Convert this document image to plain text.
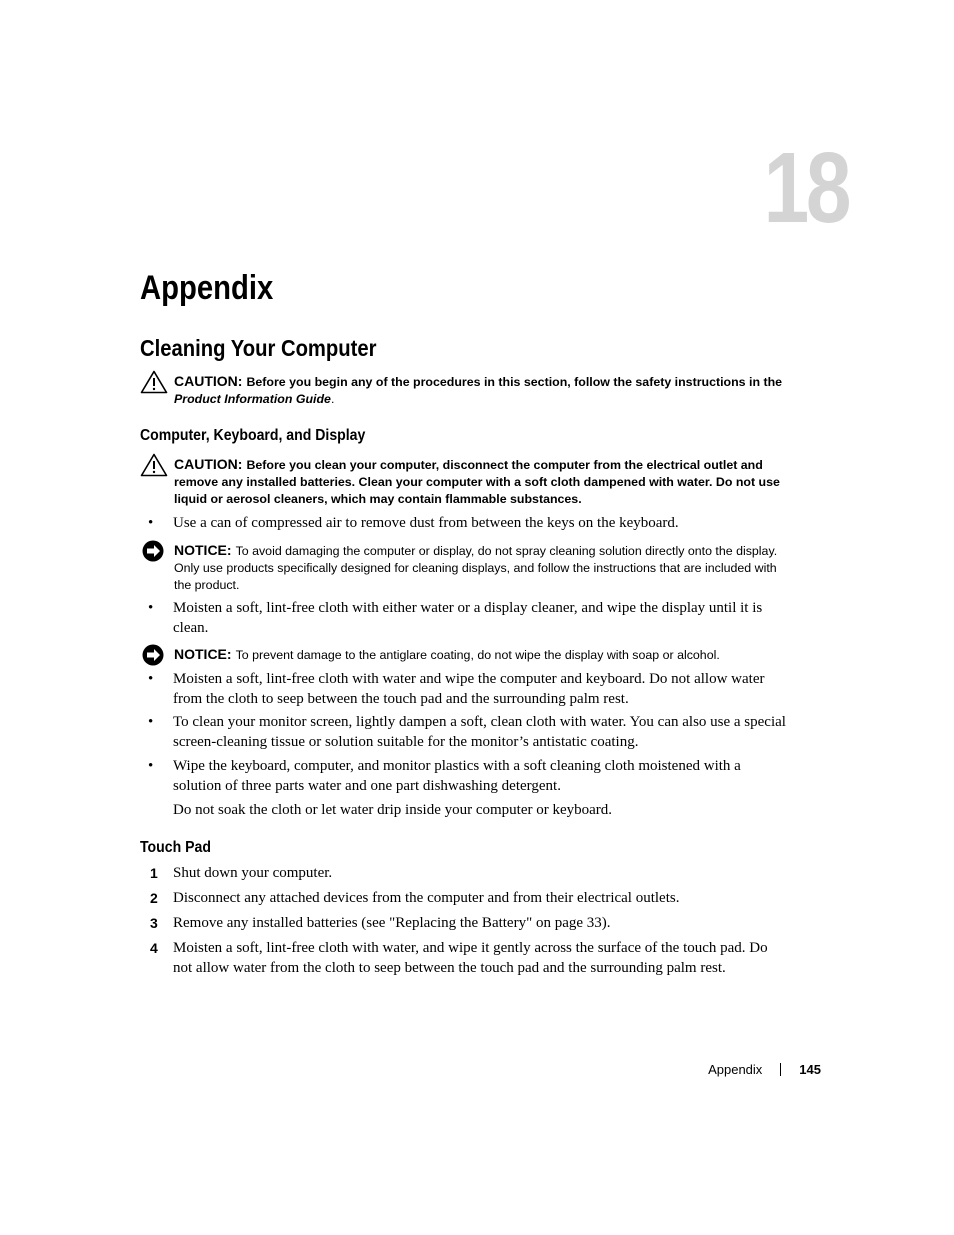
18
Appendix
Cleaning Your Computer
CAUTION: Before you begin any of the procedures in this section, follow the safety instructions in the
Product Information Guide.
Computer, Keyboard, and Display
CAUTION: Before you clean your computer, disconnect the computer from the electrical outlet and remove any installed batteries. Clean your computer with a soft cloth dampened with water. Do not use liquid or aerosol cleaners, which may contain flammable substances.
• Use a can of compressed air to remove dust from between the keys on the keyboard.
NOTICE: To avoid damaging the computer or display, do not spray cleaning solution directly onto the display. Only use products specifically designed for cleaning displays, and follow the instructions that are included with the product.
• Moisten a soft, lint-free cloth with either water or a display cleaner, and wipe the display until it is clean.
NOTICE: To prevent damage to the antiglare coating, do not wipe the display with soap or alcohol.
• Moisten a soft, lint-free cloth with water and wipe the computer and keyboard. Do not allow water from the cloth to seep between the touch pad and the surrounding palm rest.
• To clean your monitor screen, lightly dampen a soft, clean cloth with water. You can also use a special screen-cleaning tissue or solution suitable for the monitor’s antistatic coating.
• Wipe the keyboard, computer, and monitor plastics with a soft cleaning cloth moistened with a solution of three parts water and one part dishwashing detergent.
Do not soak the cloth or let water drip inside your computer or keyboard.
Touch Pad
1 Shut down your computer.
2 Disconnect any attached devices from the computer and from their electrical outlets.
3 Remove any installed batteries (see "Replacing the Battery" on page 33).
4 Moisten a soft, lint-free cloth with water, and wipe it gently across the surface of the touch pad. Do not allow water from the cloth to seep between the touch pad and the surrounding palm rest.
Appendix	145
